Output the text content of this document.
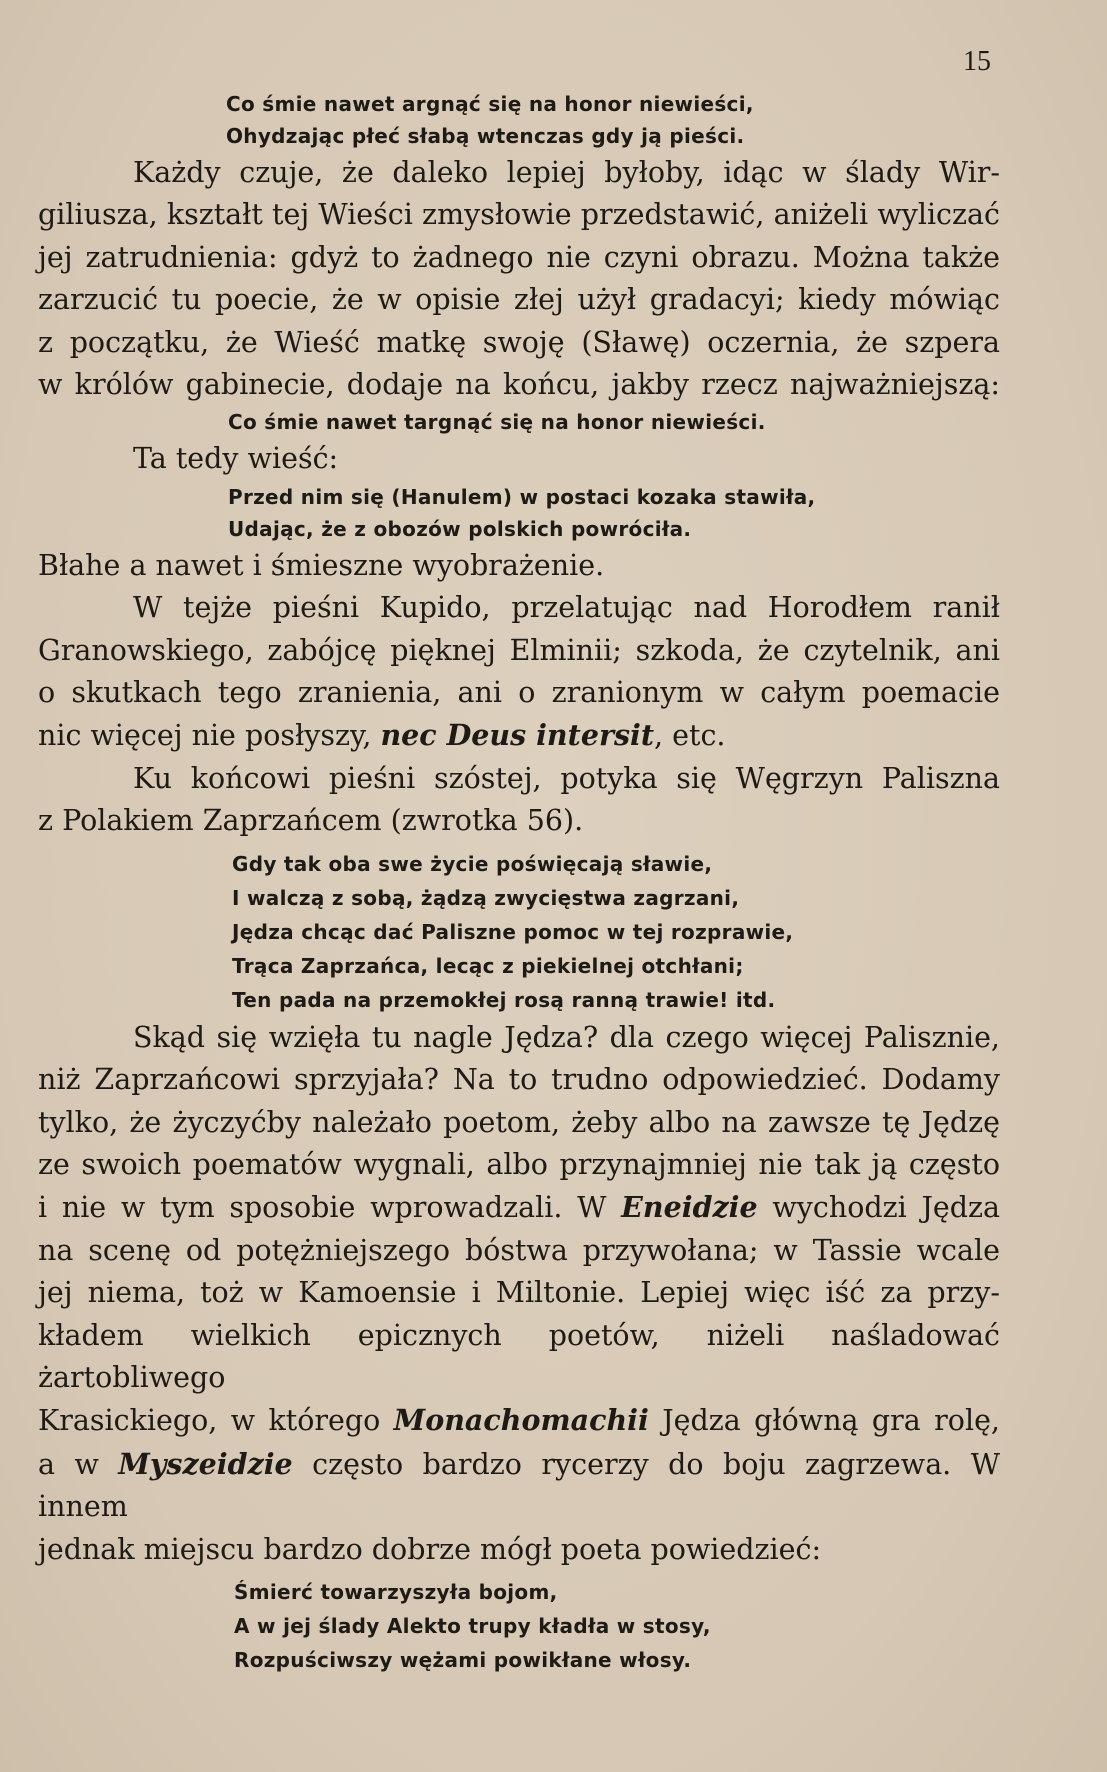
15
Co śmie nawet argnąć się na honor niewieści,
Ohydzając płeć słabą wtenczas gdy ją pieści.
Każdy czuje, że daleko lepiej byłoby, idąc w ślady Wir-
giliusza, kształt tej Wieści zmysłowie przedstawić, aniżeli wyliczać
jej zatrudnienia: gdyż to żadnego nie czyni obrazu. Można także
zarzucić tu poecie, że w opisie złej użył gradacyi; kiedy mówiąc
z początku, że Wieść matkę swoję (Sławę) oczernia, że szpera
w królów gabinecie, dodaje na końcu, jakby rzecz najważniejszą:
Co śmie nawet targnąć się na honor niewieści.
Ta tedy wieść:
Przed nim się (Hanulem) w postaci kozaka stawiła,
Udając, że z obozów polskich powróciła.
Błahe a nawet i śmieszne wyobrażenie.
W tejże pieśni Kupido, przelatując nad Horodłem ranił
Granowskiego, zabójcę pięknej Elminii; szkoda, że czytelnik, ani
o skutkach tego zranienia, ani o zranionym w całym poemacie
nic więcej nie posłyszy, nec Deus intersit, etc.
Ku końcowi pieśni szóstej, potyka się Węgrzyn Paliszna
z Polakiem Zaprzańcem (zwrotka 56).
Gdy tak oba swe życie poświęcają sławie,
I walczą z sobą, żądzą zwycięstwa zagrzani,
Jędza chcąc dać Paliszne pomoc w tej rozprawie,
Trąca Zaprzańca, lecąc z piekielnej otchłani;
Ten pada na przemokłej rosą ranną trawie! itd.
Skąd się wzięła tu nagle Jędza? dla czego więcej Palisznie,
niż Zaprzańcowi sprzyjała? Na to trudno odpowiedzieć. Dodamy
tylko, że życzyćby należało poetom, żeby albo na zawsze tę Jędzę
ze swoich poematów wygnali, albo przynajmniej nie tak ją często
i nie w tym sposobie wprowadzali. W Eneidzie wychodzi Jędza
na scenę od potężniejszego bóstwa przywołana; w Tassie wcale
jej niema, toż w Kamoensie i Miltonie. Lepiej więc iść za przy-
kładem wielkich epicznych poetów, niżeli naśladować żartobliwego
Krasickiego, w którego Monachomachii Jędza główną gra rolę,
a w Myszeidzie często bardzo rycerzy do boju zagrzewa. W innem
jednak miejscu bardzo dobrze mógł poeta powiedzieć:
Śmierć towarzyszyła bojom,
A w jej ślady Alekto trupy kładła w stosy,
Rozpuściwszy wężami powikłane włosy.
